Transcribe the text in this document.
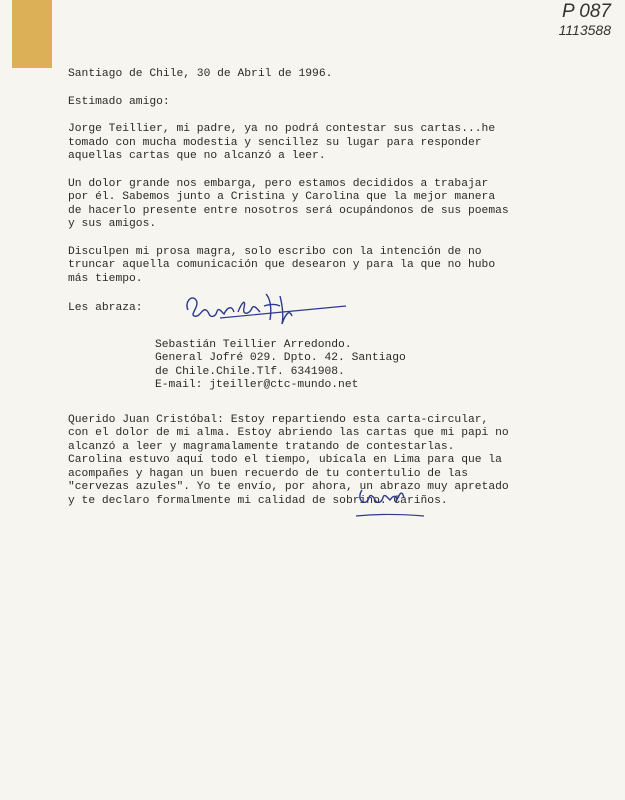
P 087
1113588

Santiago de Chile, 30 de Abril de 1996.

Estimado amigo:

Jorge Teillier, mi padre, ya no podrá contestar sus cartas...he

tomado con mucha modestia y sencillez su lugar para responder

aquellas cartas que no alcanzó a leer.

Un dolor grande nos embarga, pero estamos decididos a trabajar

por él. Sabemos junto a Cristina y Carolina que la mejor manera

de hacerlo presente entre nosotros será ocupándonos de sus poemas

y sus amigos.

Disculpen mi prosa magra, solo escribo con la intención de no

truncar aquella comunicación que desearon y para la que no hubo

más tiempo.

Les abraza:

Sebastián Teillier Arredondo.

General Jofré 029. Dpto. 42. Santiago

de Chile.Chile.Tlf. 6341908.

E-mail: jteiller@ctc-mundo.net

Querido Juan Cristóbal: Estoy repartiendo esta carta-circular,

con el dolor de mi alma. Estoy abriendo las cartas que mi papi no

alcanzó a leer y magramalamente tratando de contestarlas.

Carolina estuvo aquí todo el tiempo, ubícala en Lima para que la

acompañes y hagan un buen recuerdo de tu contertulio de las

"cervezas azules". Yo te envío, por ahora, un abrazo muy apretado

y te declaro formalmente mi calidad de sobrino. Cariños.
